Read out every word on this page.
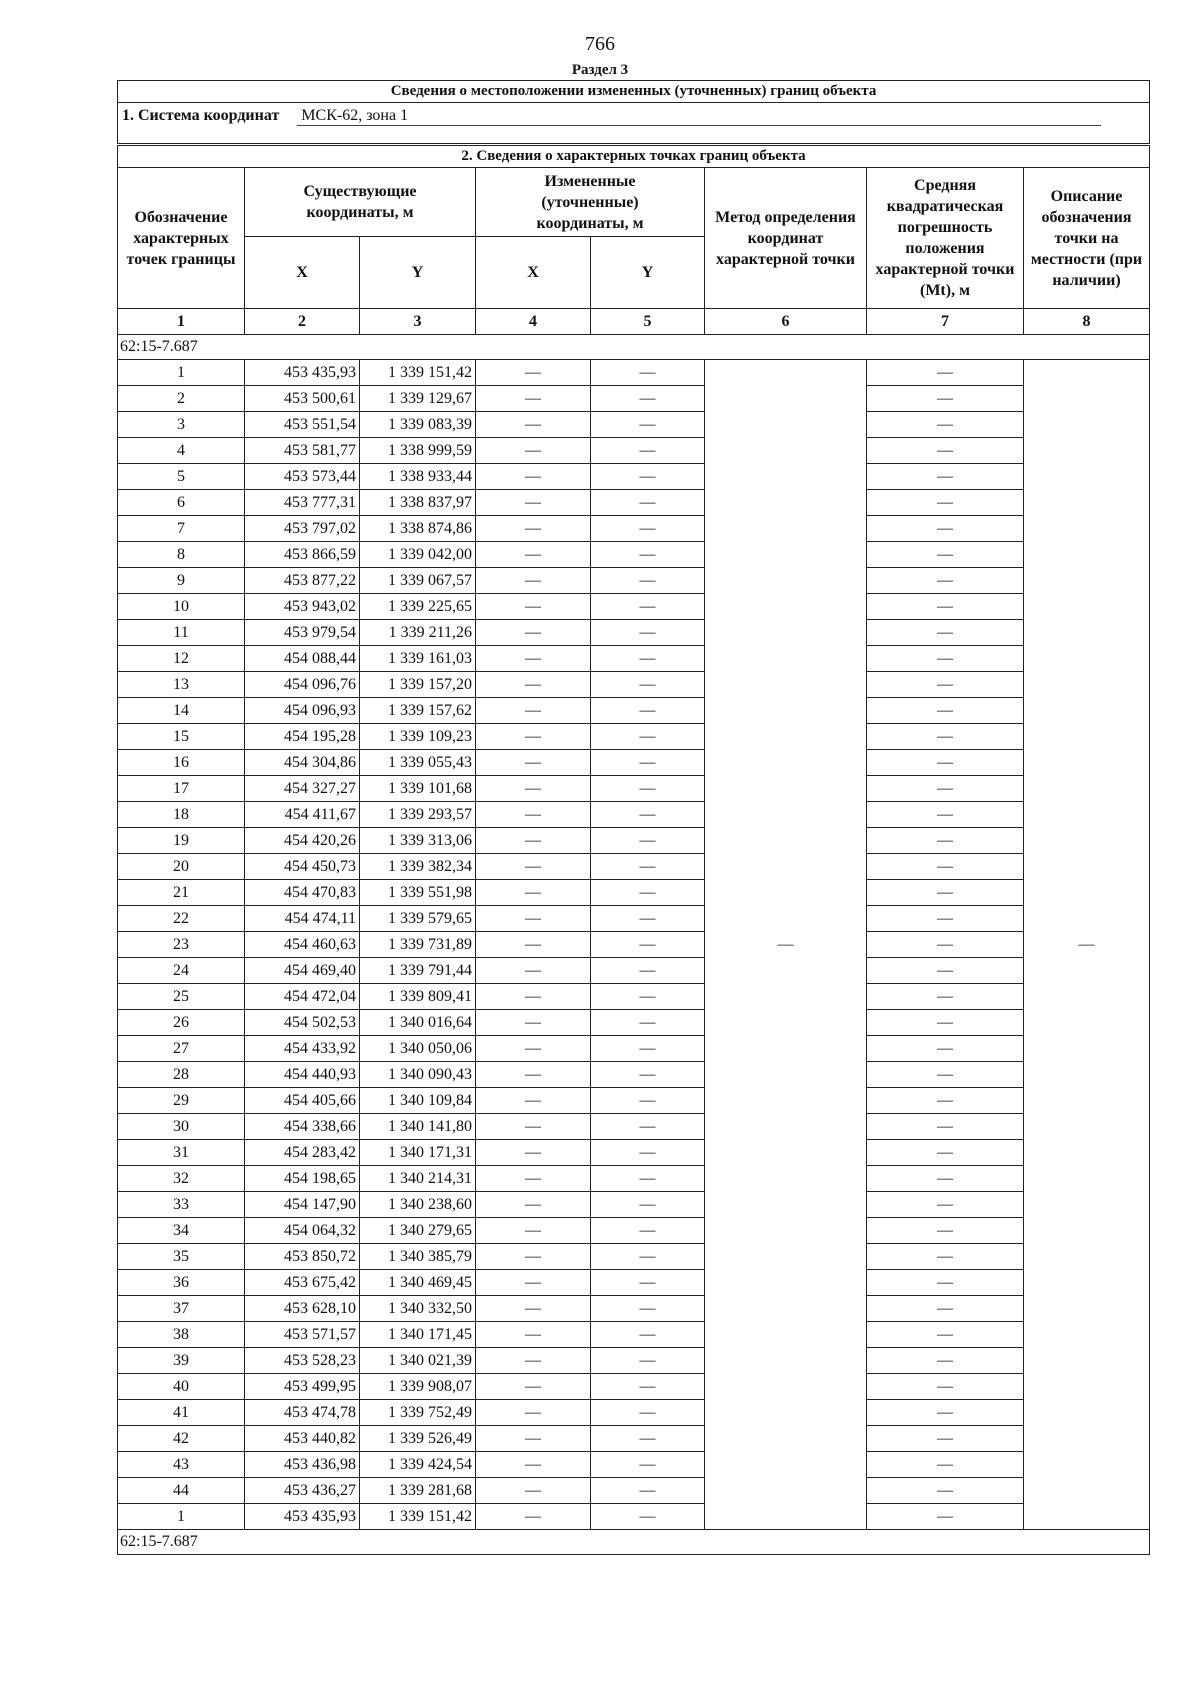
766
Раздел 3
Сведения о местоположении измененных (уточненных) границ объекта							
1. Система координат МСК-62, зона 1							
2. Сведения о характерных точках границ объекта							
Обозначение характерных точек границы	Существующие координаты, м		Измененные (уточненные) координаты, м		Метод определения координат характерной точки	Средняя квадратическая погрешность положения характерной точки (Mt), м	Описание обозначения точки на местности (при наличии)
	X	Y	X	Y			
1	2	3	4	5	6	7	8
62:15-7.687							
1	453 435,93	1 339 151,42	—	—	—	—	—
2	453 500,61	1 339 129,67	—	—		—	
3	453 551,54	1 339 083,39	—	—		—	
4	453 581,77	1 338 999,59	—	—		—	
5	453 573,44	1 338 933,44	—	—		—	
6	453 777,31	1 338 837,97	—	—		—	
7	453 797,02	1 338 874,86	—	—		—	
8	453 866,59	1 339 042,00	—	—		—	
9	453 877,22	1 339 067,57	—	—		—	
10	453 943,02	1 339 225,65	—	—		—	
11	453 979,54	1 339 211,26	—	—		—	
12	454 088,44	1 339 161,03	—	—		—	
13	454 096,76	1 339 157,20	—	—		—	
14	454 096,93	1 339 157,62	—	—		—	
15	454 195,28	1 339 109,23	—	—		—	
16	454 304,86	1 339 055,43	—	—		—	
17	454 327,27	1 339 101,68	—	—		—	
18	454 411,67	1 339 293,57	—	—		—	
19	454 420,26	1 339 313,06	—	—		—	
20	454 450,73	1 339 382,34	—	—		—	
21	454 470,83	1 339 551,98	—	—		—	
22	454 474,11	1 339 579,65	—	—		—	
23	454 460,63	1 339 731,89	—	—		—	
24	454 469,40	1 339 791,44	—	—		—	
25	454 472,04	1 339 809,41	—	—		—	
26	454 502,53	1 340 016,64	—	—		—	
27	454 433,92	1 340 050,06	—	—		—	
28	454 440,93	1 340 090,43	—	—		—	
29	454 405,66	1 340 109,84	—	—		—	
30	454 338,66	1 340 141,80	—	—		—	
31	454 283,42	1 340 171,31	—	—		—	
32	454 198,65	1 340 214,31	—	—		—	
33	454 147,90	1 340 238,60	—	—		—	
34	454 064,32	1 340 279,65	—	—		—	
35	453 850,72	1 340 385,79	—	—		—	
36	453 675,42	1 340 469,45	—	—		—	
37	453 628,10	1 340 332,50	—	—		—	
38	453 571,57	1 340 171,45	—	—		—	
39	453 528,23	1 340 021,39	—	—		—	
40	453 499,95	1 339 908,07	—	—		—	
41	453 474,78	1 339 752,49	—	—		—	
42	453 440,82	1 339 526,49	—	—		—	
43	453 436,98	1 339 424,54	—	—		—	
44	453 436,27	1 339 281,68	—	—		—	
1	453 435,93	1 339 151,42	—	—		—	
62:15-7.687							
